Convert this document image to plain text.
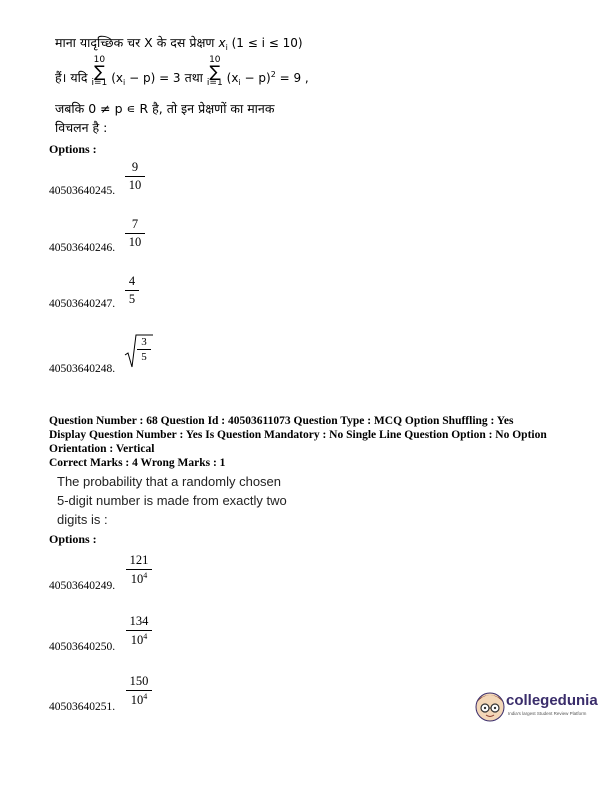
माना यादृच्छिक चर X के दस प्रेक्षण $x_i$ (1 ≤ i ≤ 10)
हैं। यदि
10
∑
i=1 $(x_i - p) = 3$ तथा
10
∑
i=1 $(x_i - p)^2 = 9$ ,
जबकि 0 ≠ p ∊ R है, तो इन प्रेक्षणों का मानक
विचलन है :
Options :
40503640245.
9
10
40503640246.
7
10
40503640247.
4
5
40503640248.
3
5
Question Number : 68 Question Id : 40503611073 Question Type : MCQ Option Shuffling : Yes
Display Question Number : Yes Is Question Mandatory : No Single Line Question Option : No Option
Orientation : Vertical
Correct Marks : 4 Wrong Marks : 1
The probability that a randomly chosen
5-digit number is made from exactly two
digits is :
Options :
40503640249.
121
$10^4$
40503640250.
134
$10^4$
40503640251.
150
$10^4$	collegedunia
India's largest Student Review Platform
